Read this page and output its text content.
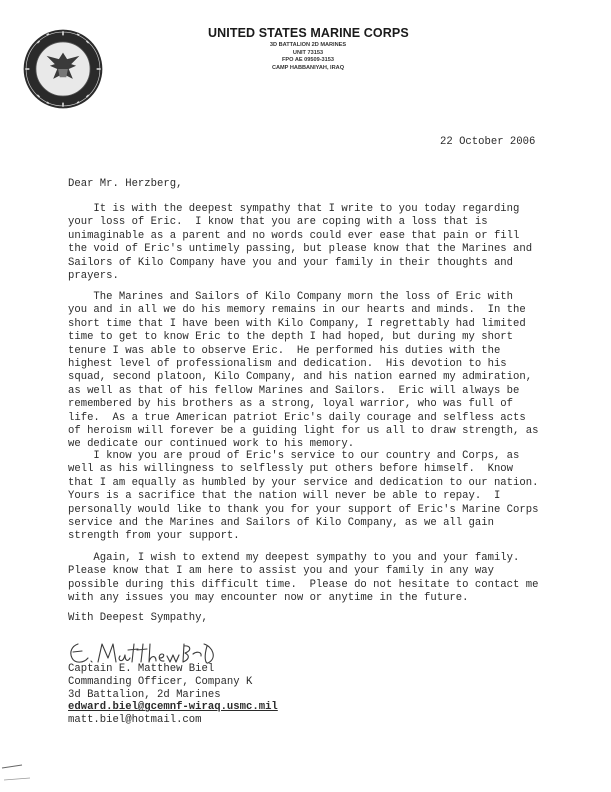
UNITED STATES MARINE CORPS
3D BATTALION 2D MARINES
UNIT 73153
FPO AE 09509-3153
CAMP HABBANIYAH, IRAQ
22 October 2006
Dear Mr. Herzberg,
It is with the deepest sympathy that I write to you today regarding
your loss of Eric.  I know that you are coping with a loss that is
unimaginable as a parent and no words could ever ease that pain or fill
the void of Eric's untimely passing, but please know that the Marines and
Sailors of Kilo Company have you and your family in their thoughts and
prayers.
The Marines and Sailors of Kilo Company morn the loss of Eric with
you and in all we do his memory remains in our hearts and minds.  In the
short time that I have been with Kilo Company, I regrettably had limited
time to get to know Eric to the depth I had hoped, but during my short
tenure I was able to observe Eric.  He performed his duties with the
highest level of professionalism and dedication.  His devotion to his
squad, second platoon, Kilo Company, and his nation earned my admiration,
as well as that of his fellow Marines and Sailors.  Eric will always be
remembered by his brothers as a strong, loyal warrior, who was full of
life.  As a true American patriot Eric's daily courage and selfless acts
of heroism will forever be a guiding light for us all to draw strength, as
we dedicate our continued work to his memory.
I know you are proud of Eric's service to our country and Corps, as
well as his willingness to selflessly put others before himself.  Know
that I am equally as humbled by your service and dedication to our nation.
Yours is a sacrifice that the nation will never be able to repay.  I
personally would like to thank you for your support of Eric's Marine Corps
service and the Marines and Sailors of Kilo Company, as we all gain
strength from your support.
Again, I wish to extend my deepest sympathy to you and your family.
Please know that I am here to assist you and your family in any way
possible during this difficult time.  Please do not hesitate to contact me
with any issues you may encounter now or anytime in the future.
With Deepest Sympathy,
Captain E. Matthew Biel
Commanding Officer, Company K
3d Battalion, 2d Marines
edward.biel@gcemnf-wiraq.usmc.mil
matt.biel@hotmail.com
